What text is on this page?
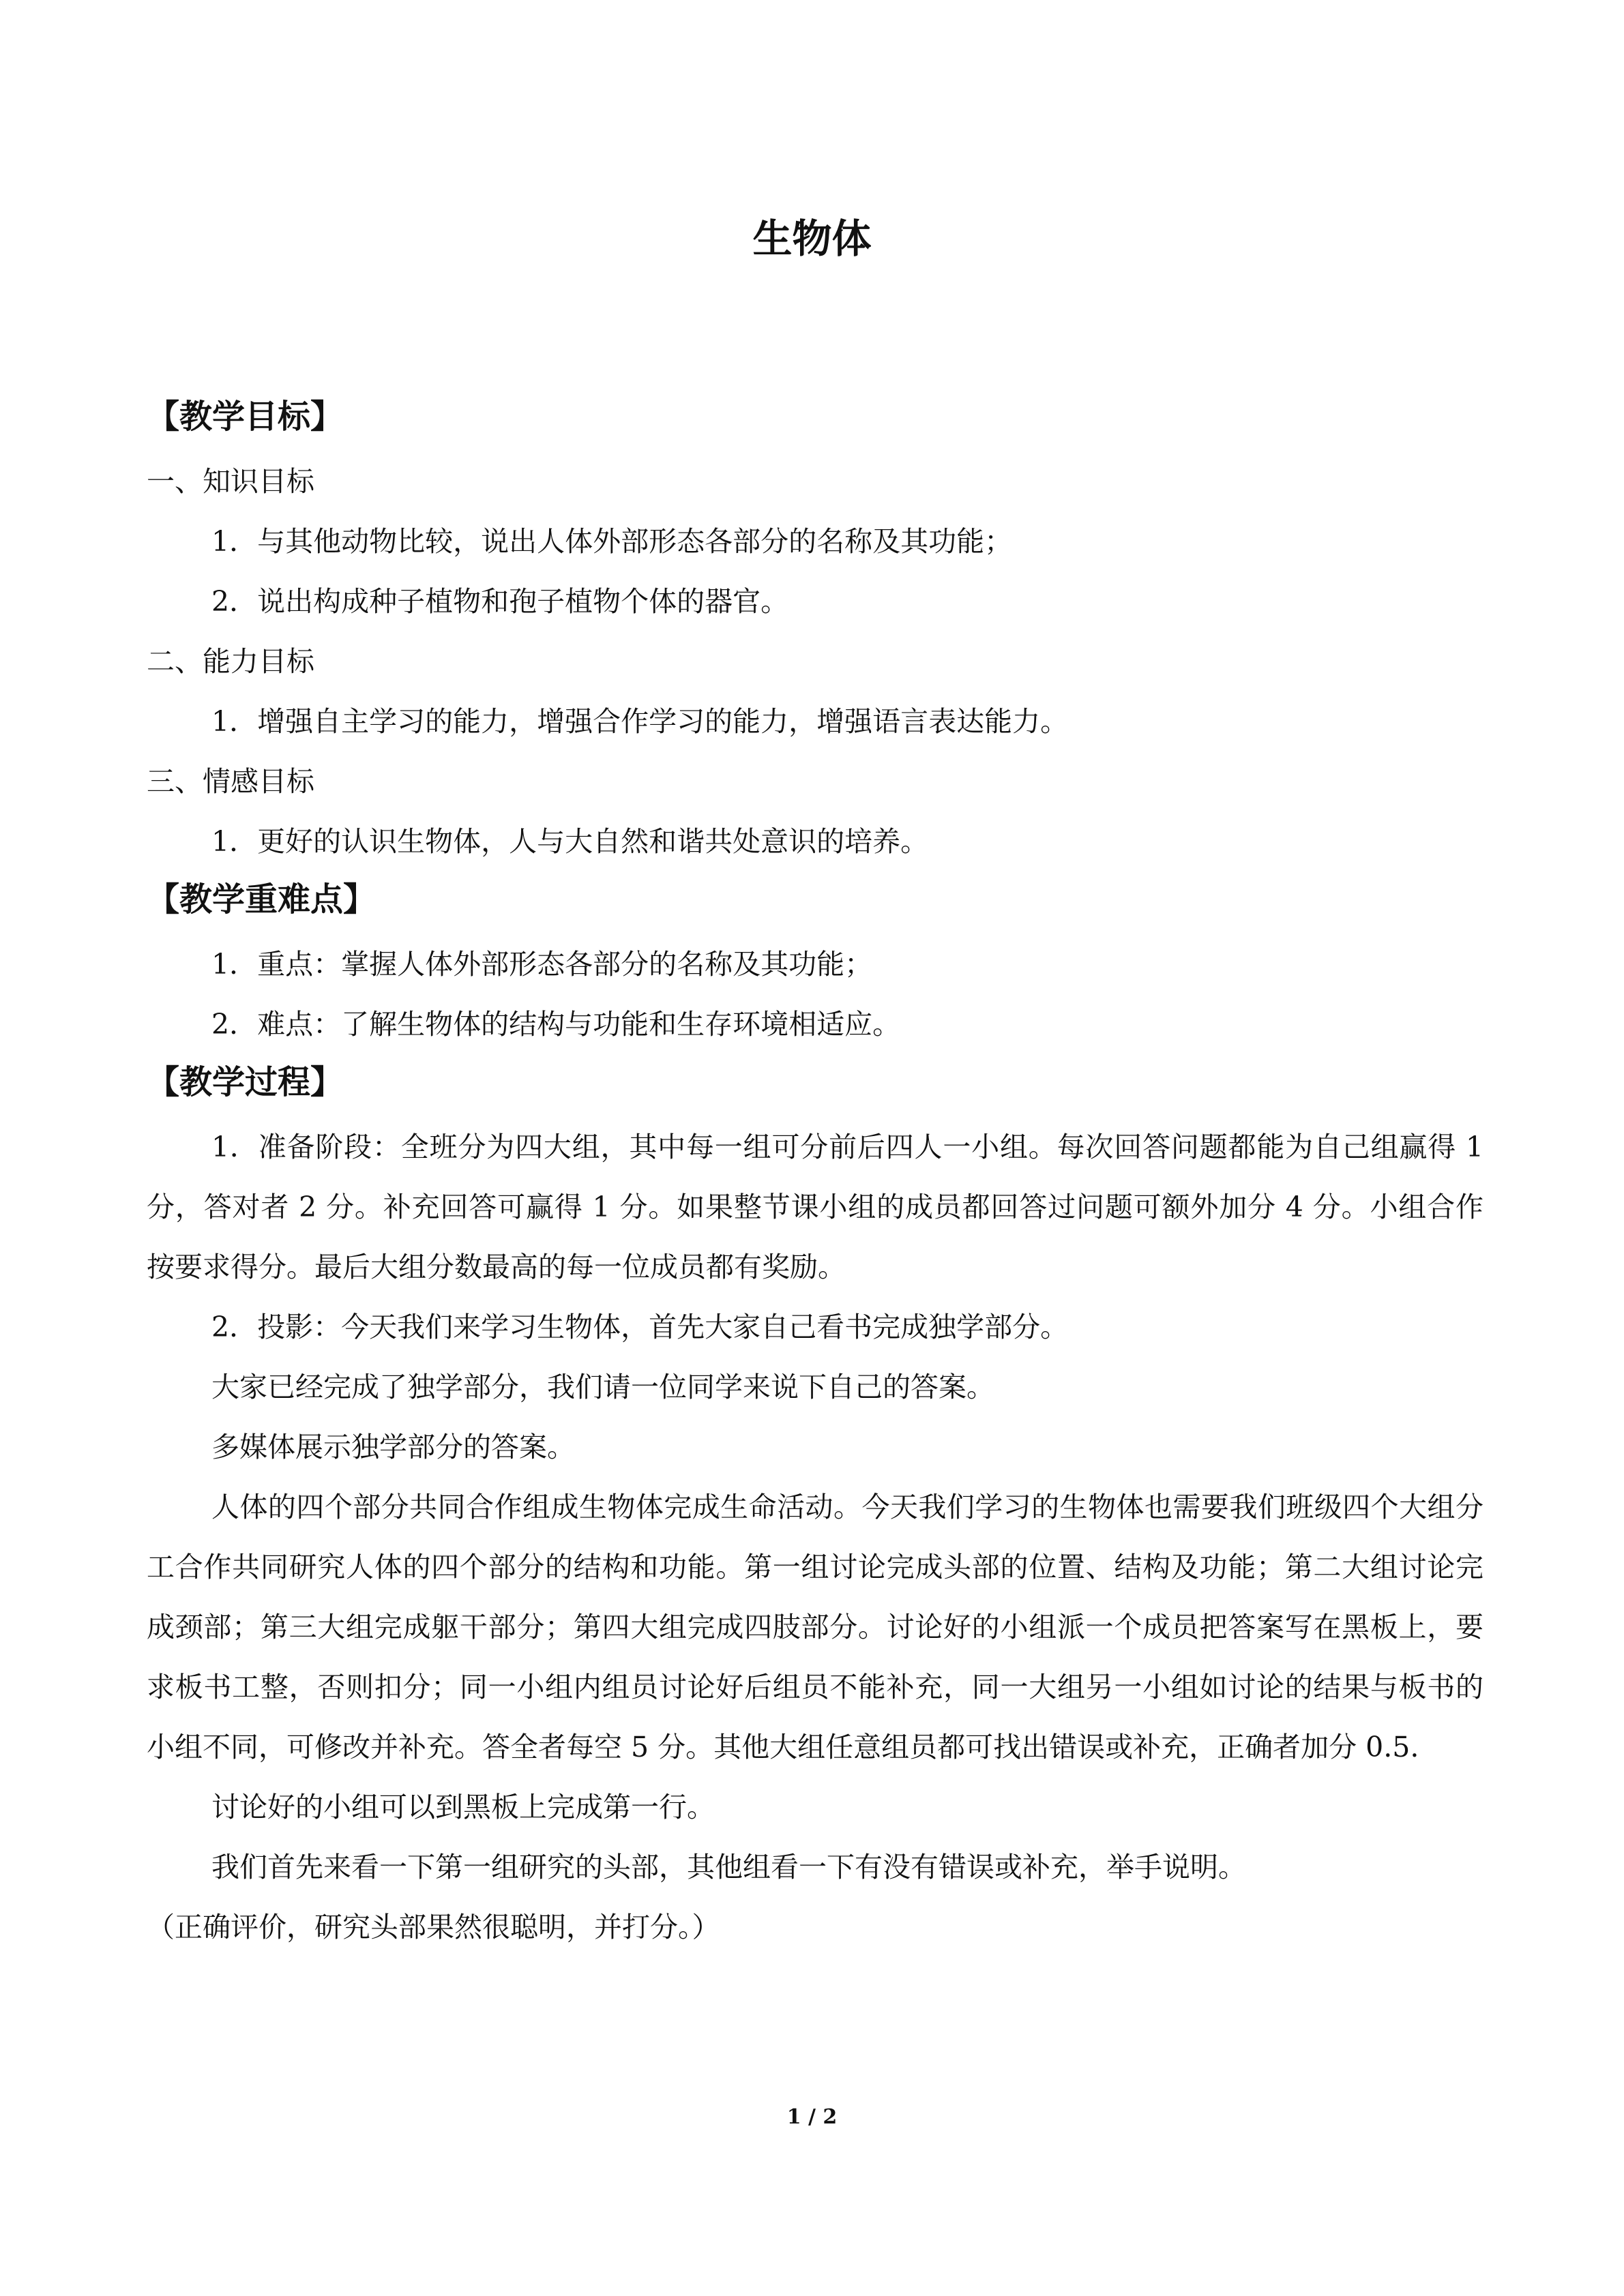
生物体
【教学目标】
一、知识目标
1．与其他动物比较，说出人体外部形态各部分的名称及其功能；
2．说出构成种子植物和孢子植物个体的器官。
二、能力目标
1．增强自主学习的能力，增强合作学习的能力，增强语言表达能力。
三、情感目标
1．更好的认识生物体，人与大自然和谐共处意识的培养。
【教学重难点】
1．重点：掌握人体外部形态各部分的名称及其功能；
2．难点：了解生物体的结构与功能和生存环境相适应。
【教学过程】

1．准备阶段：全班分为四大组，其中每一组可分前后四人一小组。每次回答问题都能为自己组赢得 1 分，答对者 2 分。补充回答可赢得 1 分。如果整节课小组的成员都回答过问题可额外加分 4 分。小组合作按要求得分。最后大组分数最高的每一位成员都有奖励。

2．投影：今天我们来学习生物体，首先大家自己看书完成独学部分。

大家已经完成了独学部分，我们请一位同学来说下自己的答案。

多媒体展示独学部分的答案。

人体的四个部分共同合作组成生物体完成生命活动。今天我们学习的生物体也需要我们班级四个大组分工合作共同研究人体的四个部分的结构和功能。第一组讨论完成头部的位置、结构及功能；第二大组讨论完成颈部；第三大组完成躯干部分；第四大组完成四肢部分。讨论好的小组派一个成员把答案写在黑板上，要求板书工整，否则扣分；同一小组内组员讨论好后组员不能补充，同一大组另一小组如讨论的结果与板书的小组不同，可修改并补充。答全者每空 5 分。其他大组任意组员都可找出错误或补充，正确者加分 0.5.

讨论好的小组可以到黑板上完成第一行。

我们首先来看一下第一组研究的头部，其他组看一下有没有错误或补充，举手说明。

（正确评价，研究头部果然很聪明，并打分。）

1 / 2
